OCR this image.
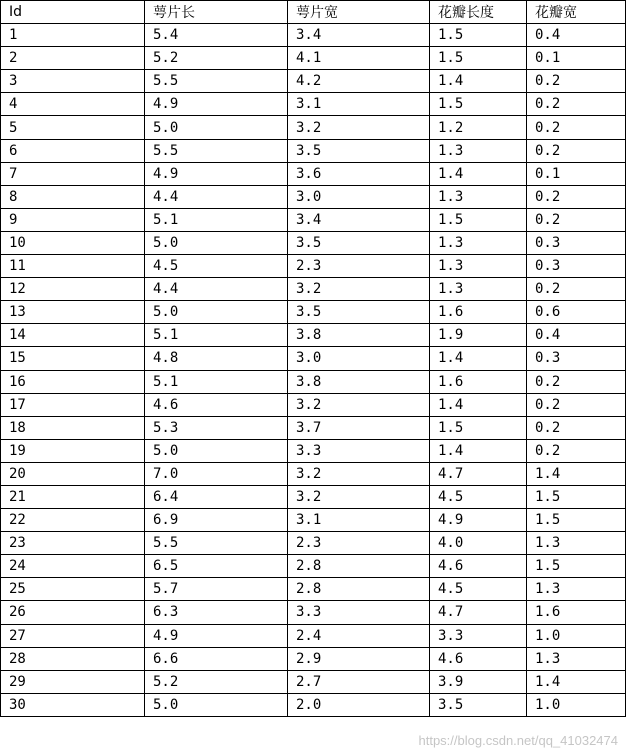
Id	萼片长	萼片宽	花瓣长度	花瓣宽
1	5.4	3.4	1.5	0.4
2	5.2	4.1	1.5	0.1
3	5.5	4.2	1.4	0.2
4	4.9	3.1	1.5	0.2
5	5.0	3.2	1.2	0.2
6	5.5	3.5	1.3	0.2
7	4.9	3.6	1.4	0.1
8	4.4	3.0	1.3	0.2
9	5.1	3.4	1.5	0.2
10	5.0	3.5	1.3	0.3
11	4.5	2.3	1.3	0.3
12	4.4	3.2	1.3	0.2
13	5.0	3.5	1.6	0.6
14	5.1	3.8	1.9	0.4
15	4.8	3.0	1.4	0.3
16	5.1	3.8	1.6	0.2
17	4.6	3.2	1.4	0.2
18	5.3	3.7	1.5	0.2
19	5.0	3.3	1.4	0.2
20	7.0	3.2	4.7	1.4
21	6.4	3.2	4.5	1.5
22	6.9	3.1	4.9	1.5
23	5.5	2.3	4.0	1.3
24	6.5	2.8	4.6	1.5
25	5.7	2.8	4.5	1.3
26	6.3	3.3	4.7	1.6
27	4.9	2.4	3.3	1.0
28	6.6	2.9	4.6	1.3
29	5.2	2.7	3.9	1.4
30	5.0	2.0	3.5	1.0
https://blog.csdn.net/qq_41032474
